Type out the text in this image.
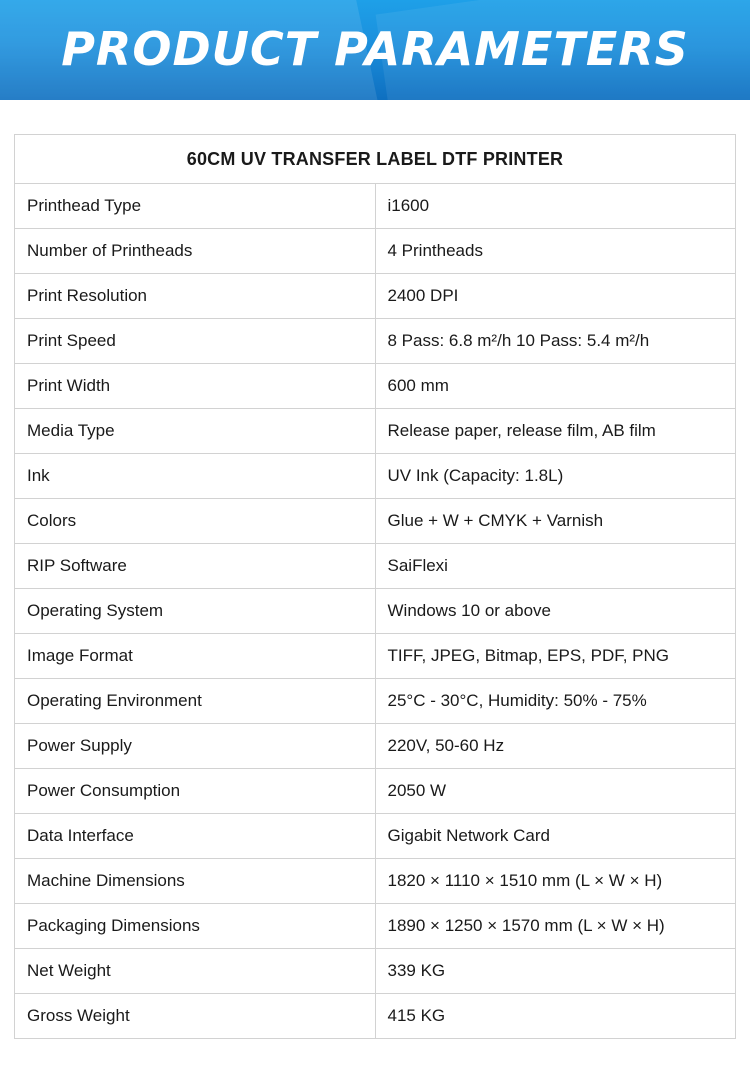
PRODUCT PARAMETERS
60CM UV TRANSFER LABEL DTF PRINTER	
Printhead Type	i1600
Number of Printheads	4 Printheads
Print Resolution	2400 DPI
Print Speed	8 Pass: 6.8 m²/h 10 Pass: 5.4 m²/h
Print Width	600 mm
Media Type	Release paper, release film, AB film
Ink	UV Ink (Capacity: 1.8L)
Colors	Glue + W + CMYK + Varnish
RIP Software	SaiFlexi
Operating System	Windows 10 or above
Image Format	TIFF, JPEG, Bitmap, EPS, PDF, PNG
Operating Environment	25°C - 30°C, Humidity: 50% - 75%
Power Supply	220V, 50-60 Hz
Power Consumption	2050 W
Data Interface	Gigabit Network Card
Machine Dimensions	1820 × 1110 × 1510 mm (L × W × H)
Packaging Dimensions	1890 × 1250 × 1570 mm (L × W × H)
Net Weight	339 KG
Gross Weight	415 KG
